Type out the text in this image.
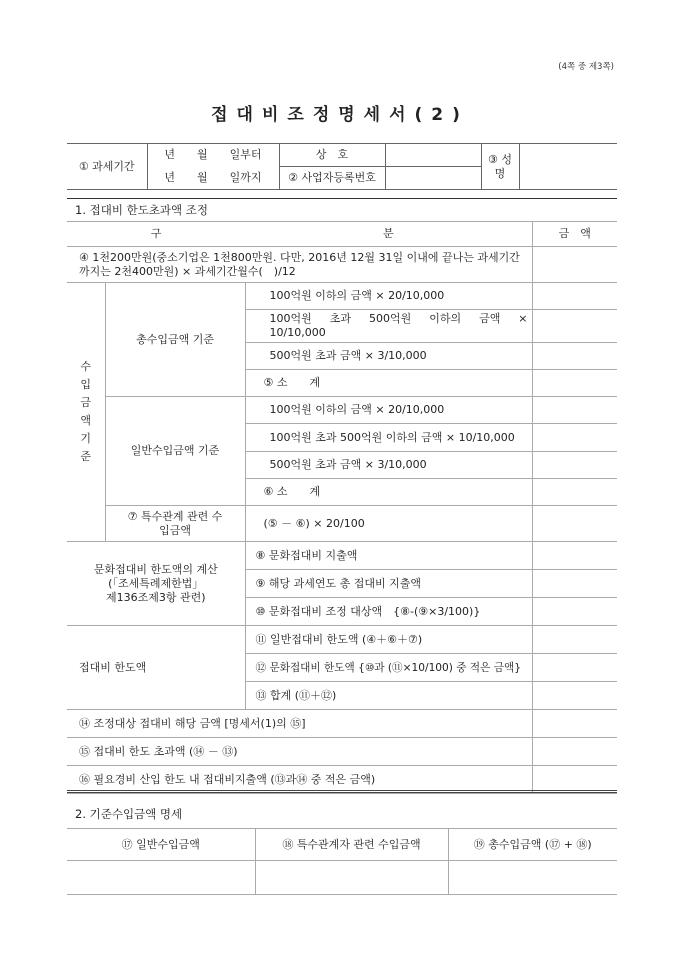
(4쪽 중 제3쪽)
접대비조정명세서(2)
① 과세기간	년　　월　　일부터	상　호		③ 성　명	
	년　　월　　일까지	② 사업자등록번호			
1. 접대비 한도초과액 조정
구		분	금　액
④ 1천200만원(중소기업은 1천800만원. 다만, 2016년 12월 31일 이내에 끝나는 과세기간까지는 2천400만원) × 과세기간월수(　)/12			

수입금액기준	총수입금액 기준	100억원 이하의 금액 × 20/10,000	
		100억원　초과　500억원　이하의　금액　× 10/10,000	
		500억원 초과 금액 × 3/10,000	
		⑤ 소　　계	
	일반수입금액 기준	100억원 이하의 금액 × 20/10,000	
		100억원 초과 500억원 이하의 금액 × 10/10,000	
		500억원 초과 금액 × 3/10,000	
		⑥ 소　　계	
	⑦ 특수관계 관련 수입금액	(⑤ － ⑥) × 20/100	

문화접대비 한도액의 계산
(「조세특례제한법」
제136조제3항 관련)		⑧ 문화접대비 지출액	
		⑨ 해당 과세연도 총 접대비 지출액	
		⑩ 문화접대비 조정 대상액　{⑧-(⑨×3/100)}	
접대비 한도액		⑪ 일반접대비 한도액 (④＋⑥＋⑦)	
		⑫ 문화접대비 한도액 {⑩과 (⑪×10/100) 중 적은 금액}	
		⑬ 합계 (⑪＋⑫)	
⑭ 조정대상 접대비 해당 금액 [명세서(1)의 ⑮]			
⑮ 접대비 한도 초과액 (⑭ － ⑬)			
⑯ 필요경비 산입 한도 내 접대비지출액 (⑬과⑭ 중 적은 금액)			
2. 기준수입금액 명세
⑰ 일반수입금액	⑱ 특수관계자 관련 수입금액	⑲ 총수입금액 (⑰ + ⑱)
